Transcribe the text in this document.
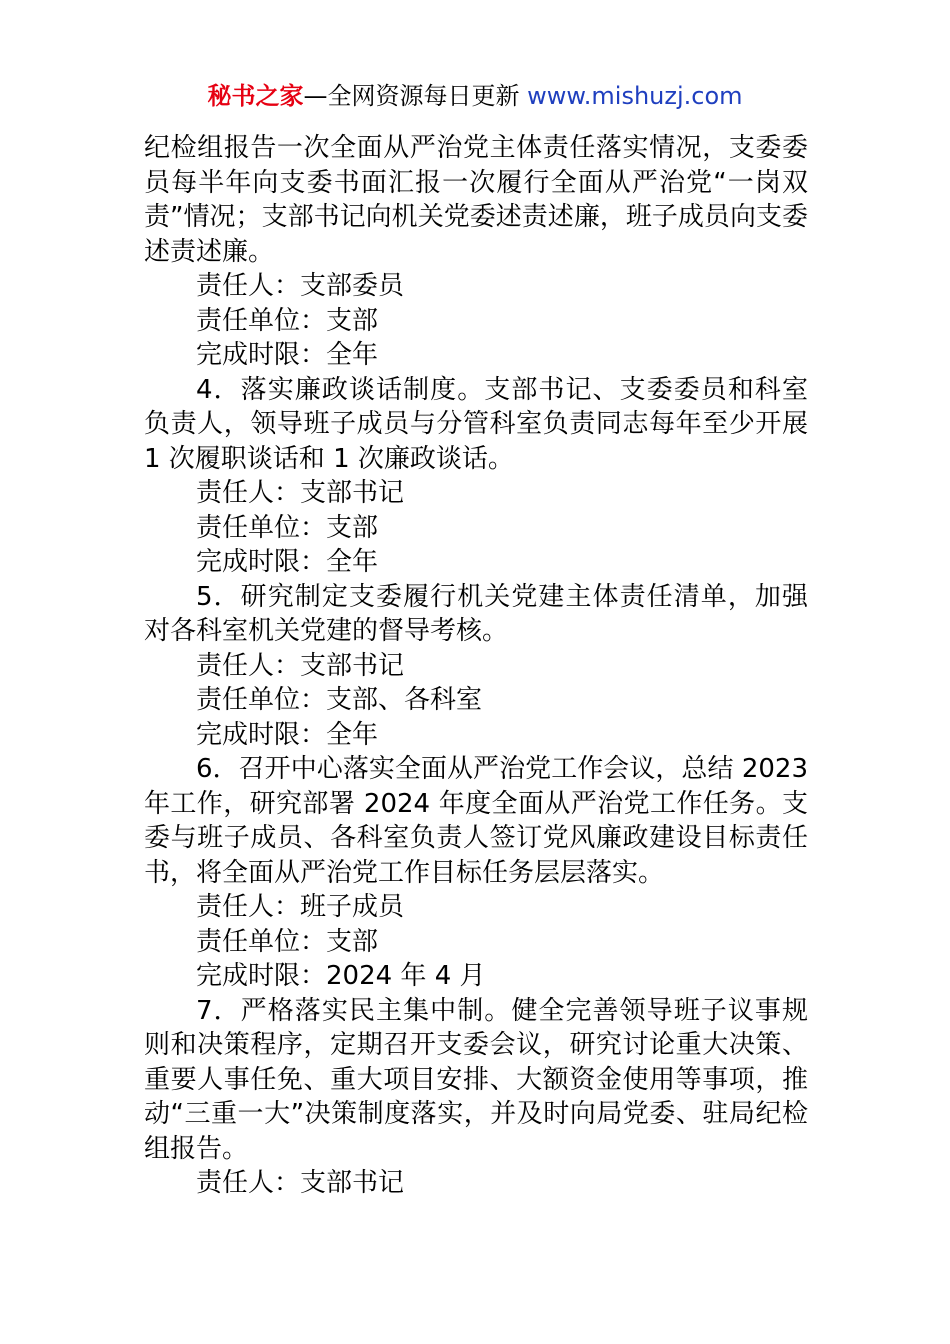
秘书之家—全网资源每日更新 www.mishuzj.com

纪检组报告一次全面从严治党主体责任落实情况，支委委员每半年向支委书面汇报一次履行全面从严治党“一岗双责”情况；支部书记向机关党委述责述廉，班子成员向支委述责述廉。

责任人：支部委员

责任单位：支部

完成时限：全年

4．落实廉政谈话制度。支部书记、支委委员和科室负责人，领导班子成员与分管科室负责同志每年至少开展 1 次履职谈话和 1 次廉政谈话。

责任人：支部书记

责任单位：支部

完成时限：全年

5．研究制定支委履行机关党建主体责任清单，加强对各科室机关党建的督导考核。

责任人：支部书记

责任单位：支部、各科室

完成时限：全年

6．召开中心落实全面从严治党工作会议，总结 2023 年工作，研究部署 2024 年度全面从严治党工作任务。支委与班子成员、各科室负责人签订党风廉政建设目标责任书，将全面从严治党工作目标任务层层落实。

责任人：班子成员

责任单位：支部

完成时限：2024 年 4 月

7．严格落实民主集中制。健全完善领导班子议事规则和决策程序，定期召开支委会议，研究讨论重大决策、重要人事任免、重大项目安排、大额资金使用等事项，推动“三重一大”决策制度落实，并及时向局党委、驻局纪检组报告。

责任人：支部书记
